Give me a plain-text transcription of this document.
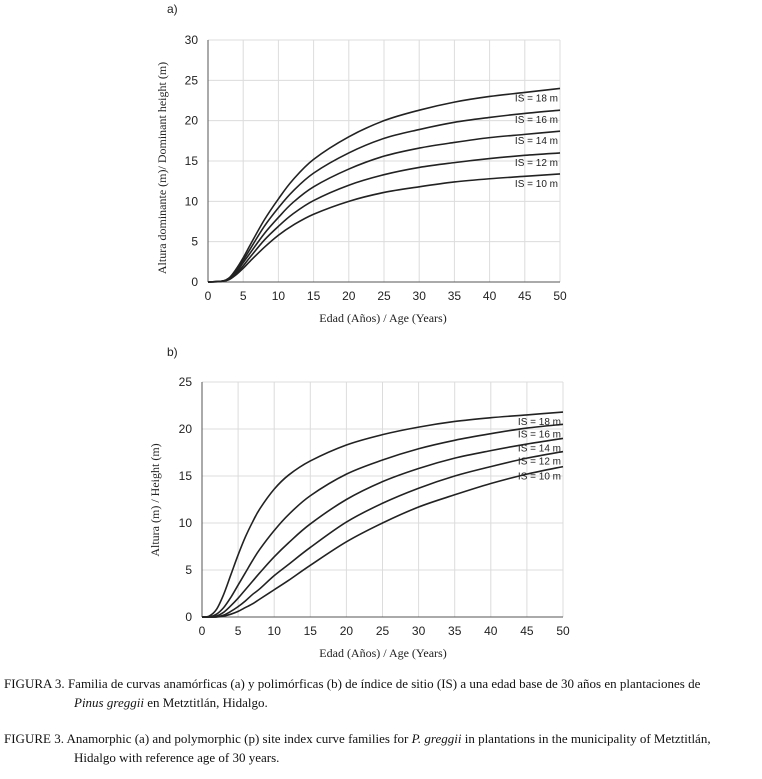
a)
0 5 10 15 20 25 30 35 40 45 50
0
5
10
15
20
25
30
IS = 18 m
IS = 16 m
IS = 14 m
IS = 12 m
IS = 10 m
Edad (Años) / Age (Years)
Altura dominante (m)/ Dominant height (m)
b)
0 5 10 15 20 25 30 35 40 45 50
0
5
10
15
20
25
IS = 18 m
IS = 16 m
IS = 14 m
IS = 12 m
IS = 10 m
Edad (Años) / Age (Years)
Altura (m) / Height (m)
FIGURA 3. Familia de curvas anamórficas (a) y polimórficas (b) de índice de sitio (IS) a una edad base de 30 años en plantaciones de
Pinus greggii en Metztitlán, Hidalgo.
FIGURE 3. Anamorphic (a) and polymorphic (p) site index curve families for P. greggii in plantations in the municipality of Metztitlán,
Hidalgo with reference age of 30 years.
